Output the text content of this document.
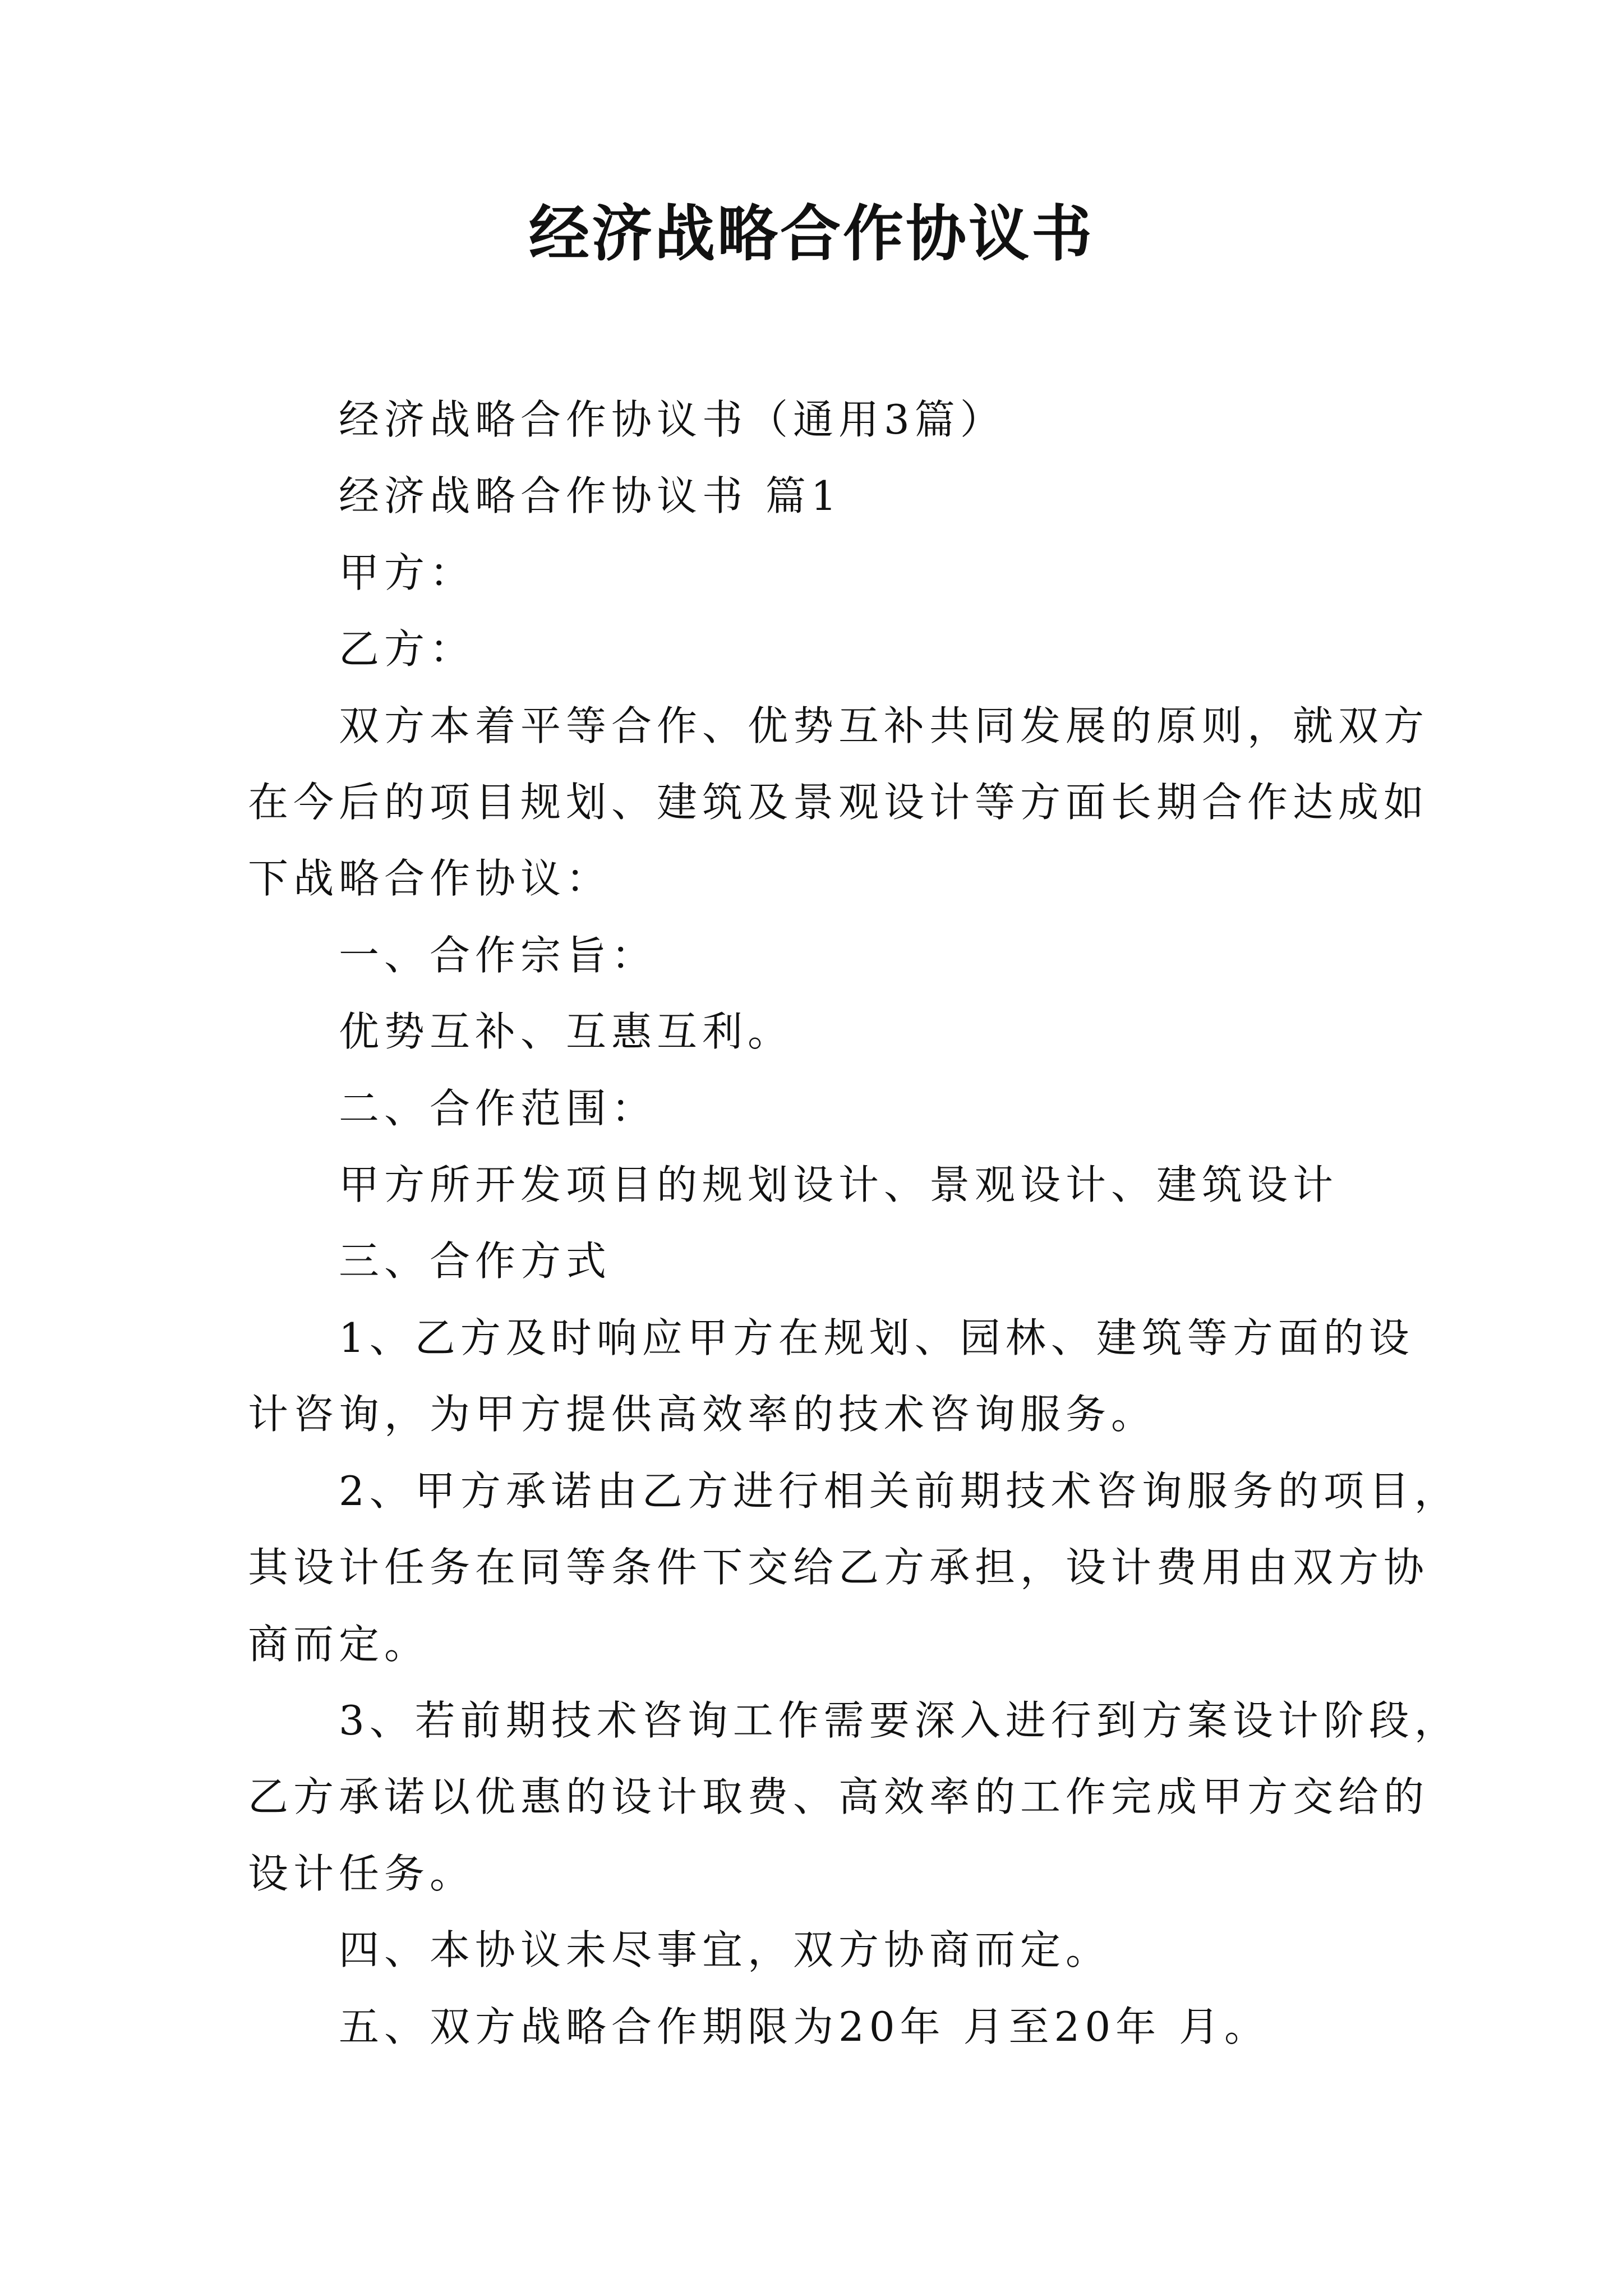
经济战略合作协议书

经济战略合作协议书（通用3篇）

经济战略合作协议书 篇1

甲方：

乙方：

双方本着平等合作、优势互补共同发展的原则，就双方

在今后的项目规划、建筑及景观设计等方面长期合作达成如

下战略合作协议：

一、合作宗旨：

优势互补、互惠互利。

二、合作范围：

甲方所开发项目的规划设计、景观设计、建筑设计

三、合作方式

1、乙方及时响应甲方在规划、园林、建筑等方面的设

计咨询，为甲方提供高效率的技术咨询服务。

2、甲方承诺由乙方进行相关前期技术咨询服务的项目，

其设计任务在同等条件下交给乙方承担，设计费用由双方协

商而定。

3、若前期技术咨询工作需要深入进行到方案设计阶段，

乙方承诺以优惠的设计取费、高效率的工作完成甲方交给的

设计任务。

四、本协议未尽事宜，双方协商而定。

五、双方战略合作期限为20年 月至20年 月。
